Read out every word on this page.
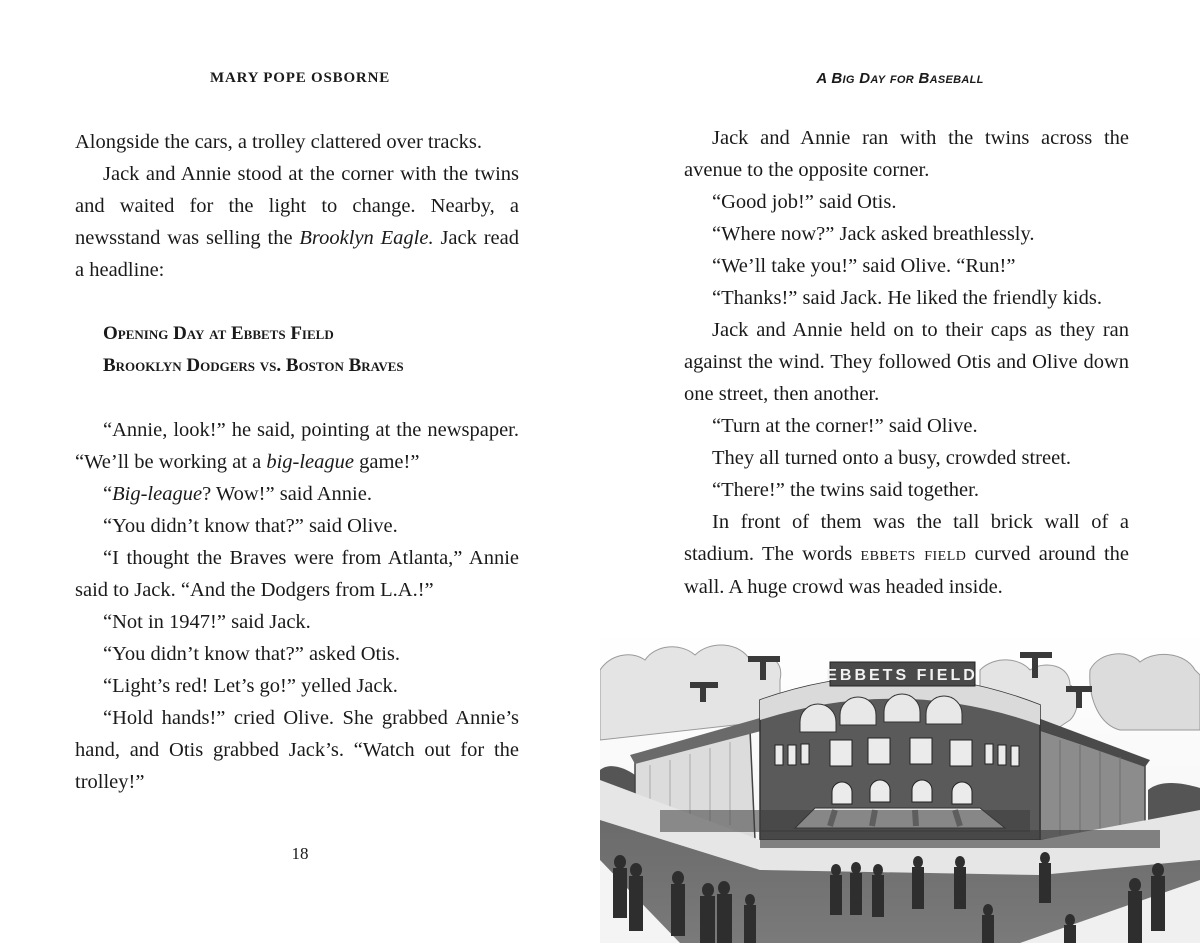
MARY POPE OSBORNE

Alongside the cars, a trolley clattered over tracks.

Jack and Annie stood at the corner with the twins and waited for the light to change. Nearby, a newsstand was selling the Brooklyn Eagle. Jack read a headline:

Opening Day at Ebbets Field
Brooklyn Dodgers vs. Boston Braves

“Annie, look!” he said, pointing at the newspaper. “We’ll be working at a big-league game!”

“Big-league? Wow!” said Annie.

“You didn’t know that?” said Olive.

“I thought the Braves were from Atlanta,” Annie said to Jack. “And the Dodgers from L.A.!”

“Not in 1947!” said Jack.

“You didn’t know that?” asked Otis.

“Light’s red! Let’s go!” yelled Jack.

“Hold hands!” cried Olive. She grabbed Annie’s hand, and Otis grabbed Jack’s. “Watch out for the trolley!”

18
A Big Day for Baseball

Jack and Annie ran with the twins across the avenue to the opposite corner.

“Good job!” said Otis.

“Where now?” Jack asked breathlessly.

“We’ll take you!” said Olive. “Run!”

“Thanks!” said Jack. He liked the friendly kids.

Jack and Annie held on to their caps as they ran against the wind. They followed Otis and Olive down one street, then another.

“Turn at the corner!” said Olive.

They all turned onto a busy, crowded street.

“There!” the twins said together.

In front of them was the tall brick wall of a stadium. The words ebbets field curved around the wall. A huge crowd was headed inside.

EBBETS FIELD
